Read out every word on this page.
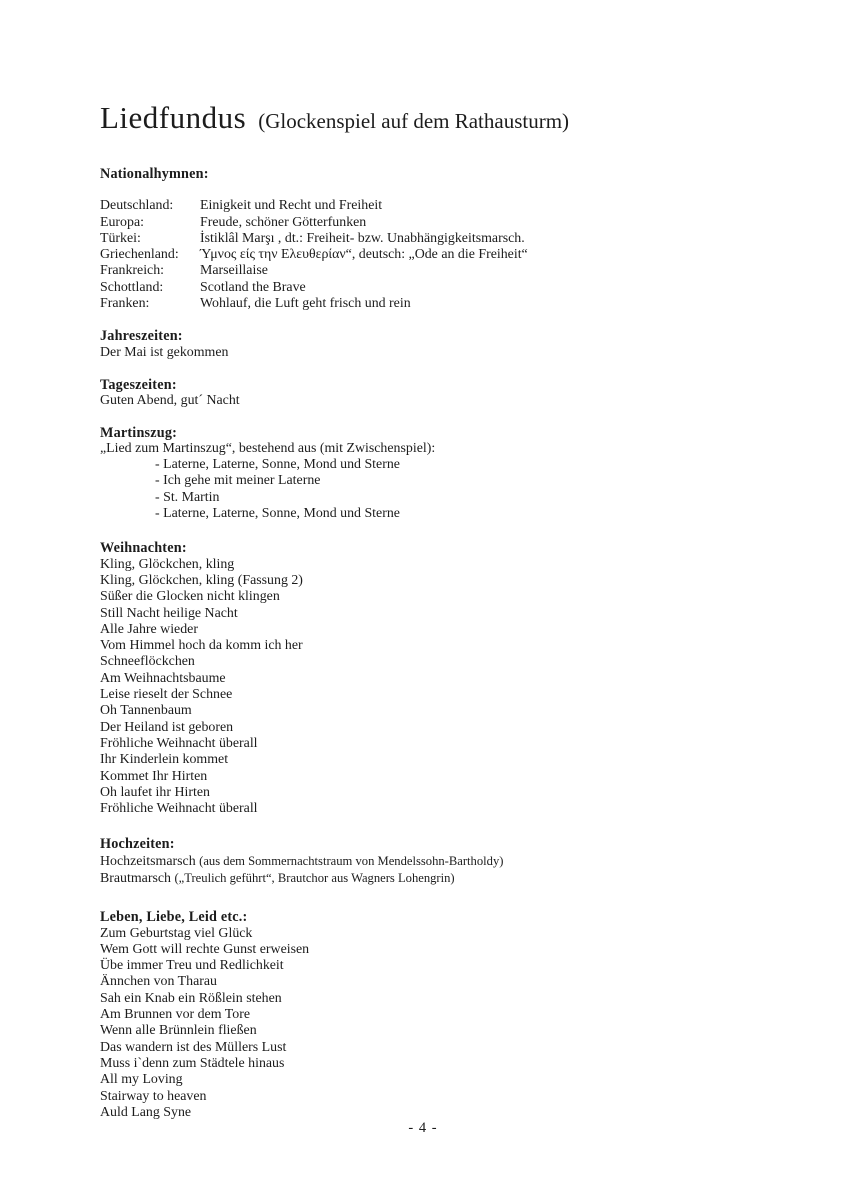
Liedfundus (Glockenspiel auf dem Rathausturm)
Nationalhymnen:
Deutschland:	Einigkeit und Recht und Freiheit
Europa:	Freude, schöner Götterfunken
Türkei:	İstiklâl Marşı , dt.: Freiheit- bzw. Unabhängigkeitsmarsch.
Griechenland:	Ύμνος είς την Ελευθερίαν“, deutsch: „Ode an die Freiheit“
Frankreich:	Marseillaise
Schottland:	Scotland the Brave
Franken:	Wohlauf, die Luft geht frisch und rein
Jahreszeiten:
Der Mai ist gekommen
Tageszeiten:
Guten Abend, gut´ Nacht
Martinszug:
„Lied zum Martinszug“, bestehend aus (mit Zwischenspiel):
- Laterne, Laterne, Sonne, Mond und Sterne
- Ich gehe mit meiner Laterne
- St. Martin
- Laterne, Laterne, Sonne, Mond und Sterne
Weihnachten:
Kling, Glöckchen, kling
Kling, Glöckchen, kling (Fassung 2)
Süßer die Glocken nicht klingen
Still Nacht heilige Nacht
Alle Jahre wieder
Vom Himmel hoch da komm ich her
Schneeflöckchen
Am Weihnachtsbaume
Leise rieselt der Schnee
Oh Tannenbaum
Der Heiland ist geboren
Fröhliche Weihnacht überall
Ihr Kinderlein kommet
Kommet Ihr Hirten
Oh laufet ihr Hirten
Fröhliche Weihnacht überall
Hochzeiten:
Hochzeitsmarsch (aus dem Sommernachtstraum von Mendelssohn-Bartholdy)
Brautmarsch („Treulich geführt“, Brautchor aus Wagners Lohengrin)
Leben, Liebe, Leid etc.:
Zum Geburtstag viel Glück
Wem Gott will rechte Gunst erweisen
Übe immer Treu und Redlichkeit
Ännchen von Tharau
Sah ein Knab ein Rößlein stehen
Am Brunnen vor dem Tore
Wenn alle Brünnlein fließen
Das wandern ist des Müllers Lust
Muss i`denn zum Städtele hinaus
All my Loving
Stairway to heaven
Auld Lang Syne
- 4 -
